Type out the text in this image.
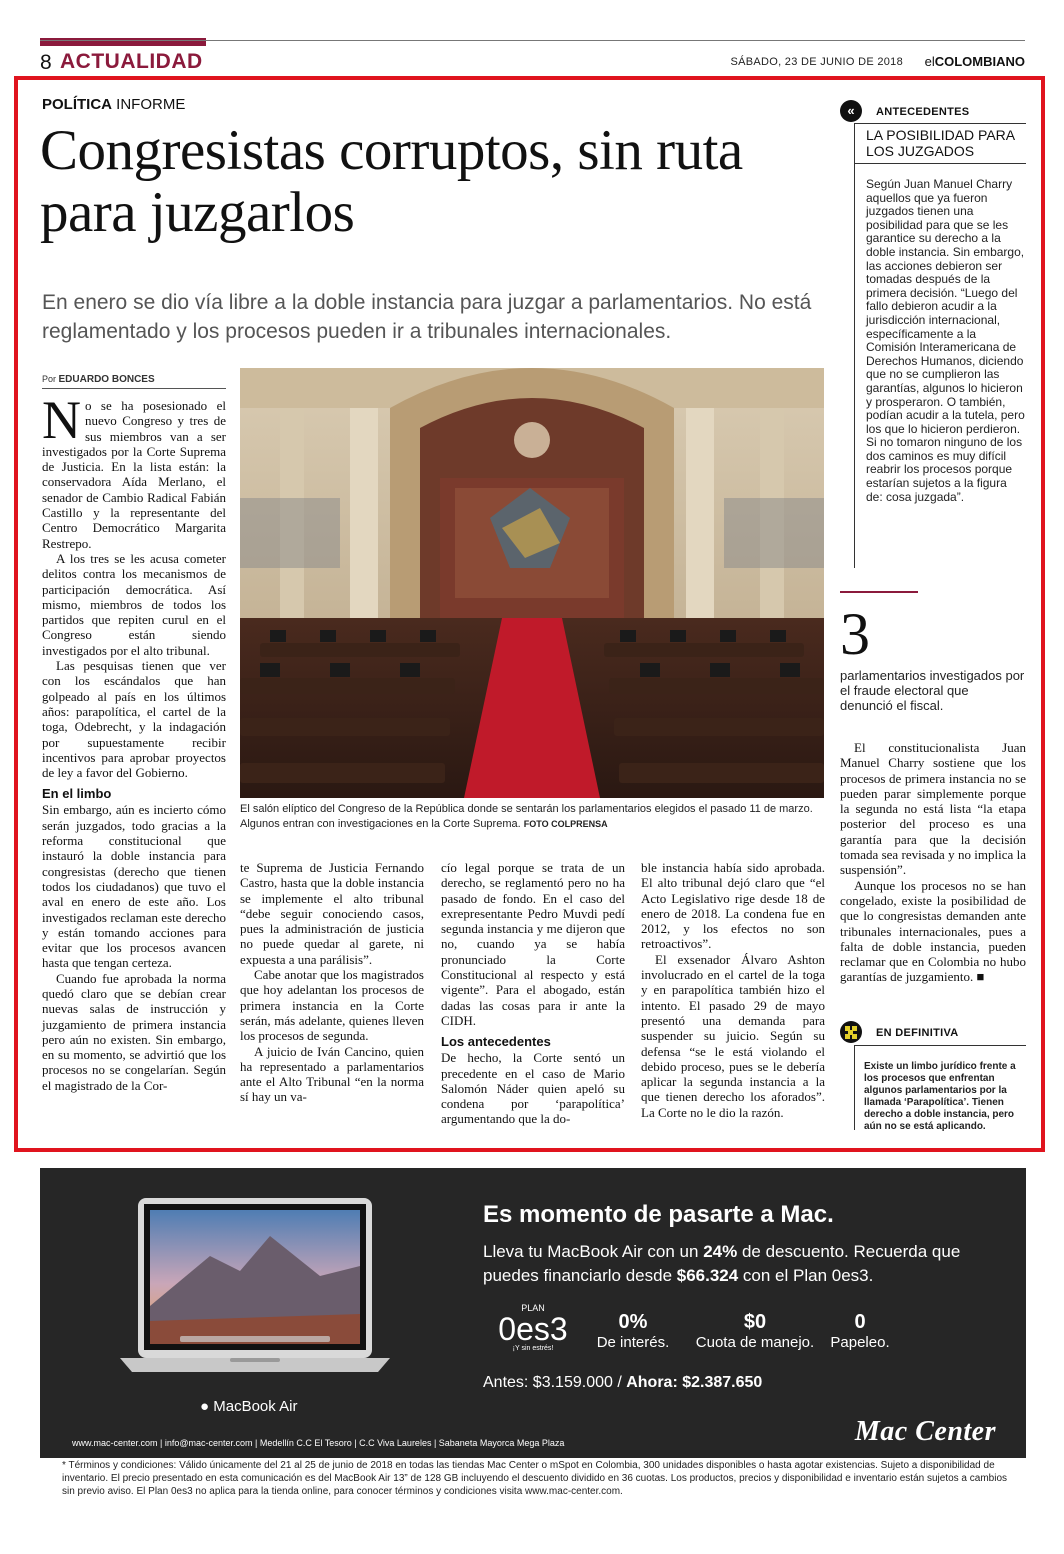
8 ACTUALIDAD	SÁBADO, 23 DE JUNIO DE 2018 elCOLOMBIANO
POLÍTICA INFORME
Congresistas corruptos, sin ruta para juzgarlos

En enero se dio vía libre a la doble instancia para juzgar a parlamentarios. No está reglamentado y los procesos pueden ir a tribunales internacionales.

Por EDUARDO BONCES

No se ha posesionado el nuevo Congreso y tres de sus miembros van a ser investigados por la Corte Suprema de Justicia. En la lista están: la conservadora Aída Merlano, el senador de Cambio Radical Fabián Castillo y la representante del Centro Democrático Margarita Restrepo.

A los tres se les acusa cometer delitos contra los mecanismos de participación democrática. Así mismo, miembros de todos los partidos que repiten curul en el Congreso están siendo investigados por el alto tribunal.

Las pesquisas tienen que ver con los escándalos que han golpeado al país en los últimos años: parapolítica, el cartel de la toga, Odebrecht, y la indagación por supuestamente recibir incentivos para aprobar proyectos de ley a favor del Gobierno.

En el limbo

Sin embargo, aún es incierto cómo serán juzgados, todo gracias a la reforma constitucional que instauró la doble instancia para congresistas (derecho que tienen todos los ciudadanos) que tuvo el aval en enero de este año. Los investigados reclaman este derecho y están tomando acciones para evitar que los procesos avancen hasta que tengan certeza.

Cuando fue aprobada la norma quedó claro que se debían crear nuevas salas de instrucción y juzgamiento de primera instancia pero aún no existen. Sin embargo, en su momento, se advirtió que los procesos no se congelarían. Según el magistrado de la Cor-

El salón elíptico del Congreso de la República donde se sentarán los parlamentarios elegidos el pasado 11 de marzo. Algunos entran con investigaciones en la Corte Suprema. FOTO COLPRENSA

te Suprema de Justicia Fernando Castro, hasta que la doble instancia se implemente el alto tribunal “debe seguir conociendo casos, pues la administración de justicia no puede quedar al garete, ni expuesta a una parálisis”.

Cabe anotar que los magistrados que hoy adelantan los procesos de primera instancia en la Corte serán, más adelante, quienes lleven los procesos de segunda.

A juicio de Iván Cancino, quien ha representado a parlamentarios ante el Alto Tribunal “en la norma sí hay un va-

cío legal porque se trata de un derecho, se reglamentó pero no ha pasado de fondo. En el caso del exrepresentante Pedro Muvdi pedí segunda instancia y me dijeron que no, cuando ya se había pronunciado la Corte Constitucional al respecto y está vigente”. Para el abogado, están dadas las cosas para ir ante la CIDH.

Los antecedentes

De hecho, la Corte sentó un precedente en el caso de Mario Salomón Náder quien apeló su condena por ‘parapolítica’ argumentando que la do-

ble instancia había sido aprobada. El alto tribunal dejó claro que “el Acto Legislativo rige desde 18 de enero de 2018. La condena fue en 2012, y los efectos no son retroactivos”.

El exsenador Álvaro Ashton involucrado en el cartel de la toga y en parapolítica también hizo el intento. El pasado 29 de mayo presentó una demanda para suspender su juicio. Según su defensa “se le está violando el debido proceso, pues se le debería aplicar la segunda instancia a la que tienen derecho los aforados”. La Corte no le dio la razón.

El constitucionalista Juan Manuel Charry sostiene que los procesos de primera instancia no se pueden parar simplemente porque la segunda no está lista “la etapa posterior del proceso es una garantía para que la decisión tomada sea revisada y no implica la suspensión”.

Aunque los procesos no se han congelado, existe la posibilidad de que lo congresistas demanden ante tribunales internacionales, pues a falta de doble instancia, pueden reclamar que en Colombia no hubo garantías de juzgamiento. ■

«	ANTECEDENTES
LA POSIBILIDAD PARA LOS JUZGADOS
Según Juan Manuel Charry aquellos que ya fueron juzgados tienen una posibilidad para que se les garantice su derecho a la doble instancia. Sin embargo, las acciones debieron ser tomadas después de la primera decisión. “Luego del fallo debieron acudir a la jurisdicción internacional, específicamente a la Comisión Interamericana de Derechos Humanos, diciendo que no se cumplieron las garantías, algunos lo hicieron y prosperaron. O también, podían acudir a la tutela, pero los que lo hicieron perdieron. Si no tomaron ninguno de los dos caminos es muy difícil reabrir los procesos porque estarían sujetos a la figura de: cosa juzgada”.
3
parlamentarios investigados por el fraude electoral que denunció el fiscal.
EN DEFINITIVA
Existe un limbo jurídico frente a los procesos que enfrentan algunos parlamentarios por la llamada ‘Parapolítica’. Tienen derecho a doble instancia, pero aún no se está aplicando.
● MacBook Air
Es momento de pasarte a Mac.
Lleva tu MacBook Air con un 24% de descuento. Recuerda que puedes financiarlo desde $66.324 con el Plan 0es3.
PLAN
0es3
¡Y sin estrés!
0%
De interés.
$0
Cuota de manejo.
0
Papeleo.
Antes: $3.159.000 / Ahora: $2.387.650
www.mac-center.com | info@mac-center.com | Medellín C.C El Tesoro | C.C Viva Laureles | Sabaneta Mayorca Mega Plaza	Mac Center
* Términos y condiciones: Válido únicamente del 21 al 25 de junio de 2018 en todas las tiendas Mac Center o mSpot en Colombia, 300 unidades disponibles o hasta agotar existencias. Sujeto a disponibilidad de inventario. El precio presentado en esta comunicación es del MacBook Air 13” de 128 GB incluyendo el descuento dividido en 36 cuotas. Los productos, precios y disponibilidad e inventario están sujetos a cambios sin previo aviso. El Plan 0es3 no aplica para la tienda online, para conocer términos y condiciones visita www.mac-center.com.
